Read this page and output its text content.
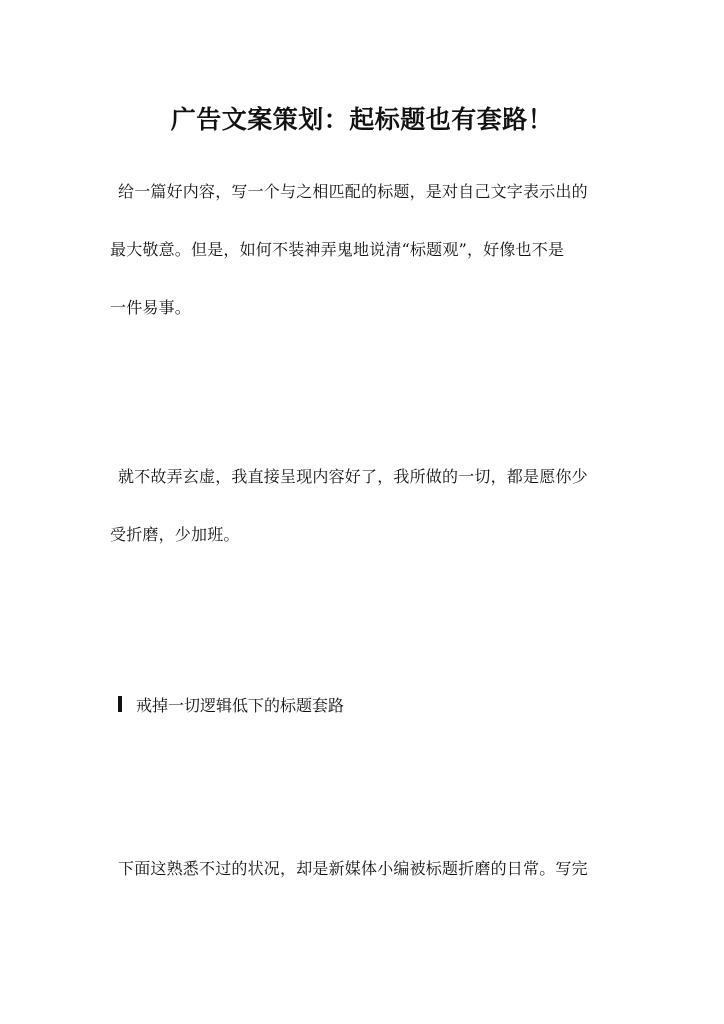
广告文案策划：起标题也有套路！
给一篇好内容，写一个与之相匹配的标题，是对自己文字表示出的
最大敬意。但是，如何不装神弄鬼地说清“标题观”，好像也不是
一件易事。
就不故弄玄虚，我直接呈现内容好了，我所做的一切，都是愿你少
受折磨，少加班。
戒掉一切逻辑低下的标题套路
下面这熟悉不过的状况，却是新媒体小编被标题折磨的日常。写完
